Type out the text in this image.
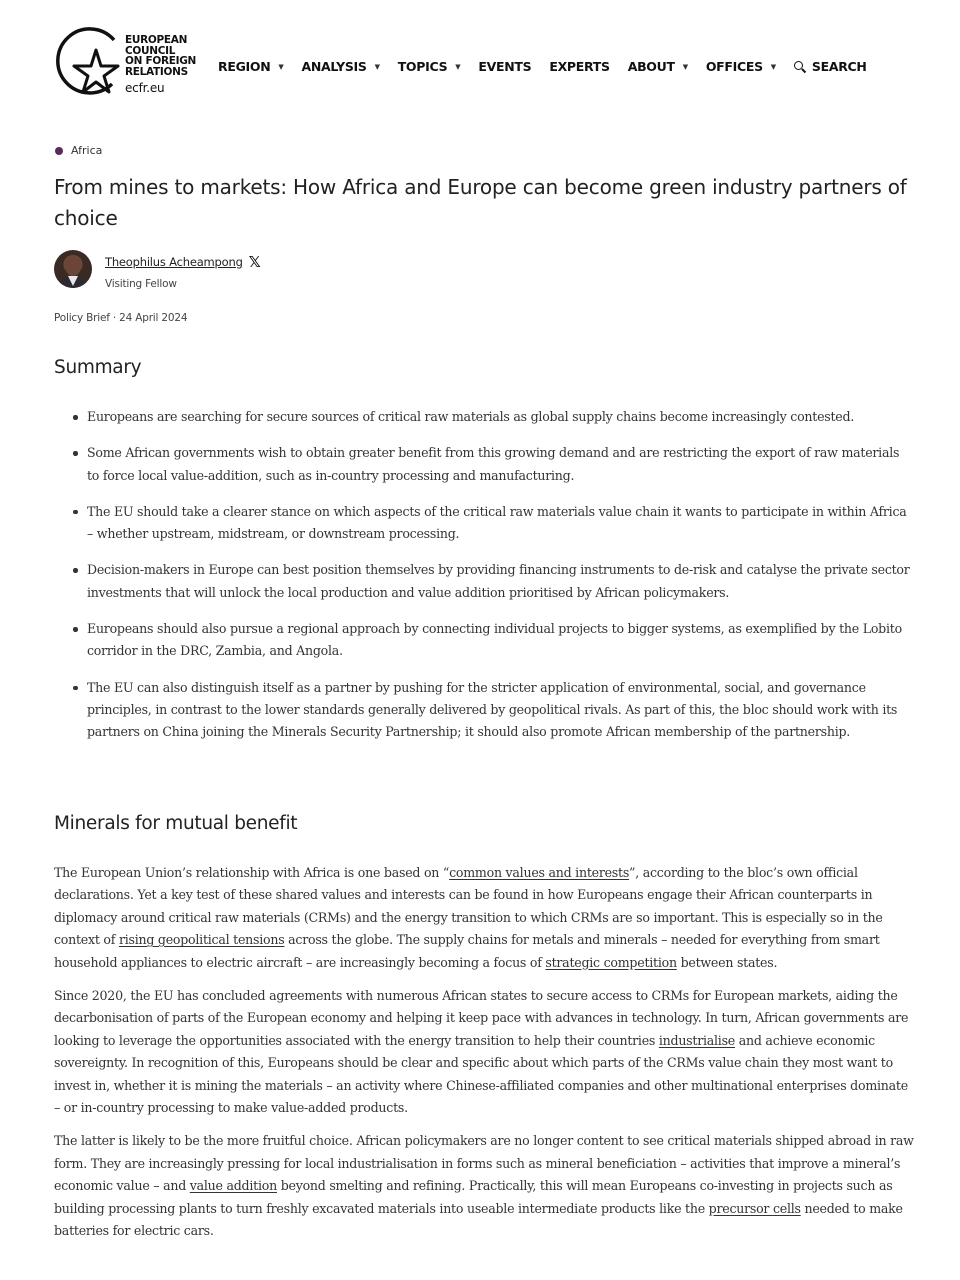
EUROPEAN
COUNCIL
ON FOREIGN
RELATIONS
ecfr.eu
REGION ▼ ANALYSIS ▼ TOPICS ▼ EVENTS EXPERTS ABOUT ▼ OFFICES ▼	SEARCH
Africa
From mines to markets: How Africa and Europe can become green industry partners of choice
Theophilus Acheampong 𝕏
Visiting Fellow
Policy Brief · 24 April 2024
Summary
Europeans are searching for secure sources of critical raw materials as global supply chains become increasingly contested.
Some African governments wish to obtain greater benefit from this growing demand and are restricting the export of raw materials to force local value-addition, such as in-country processing and manufacturing.
The EU should take a clearer stance on which aspects of the critical raw materials value chain it wants to participate in within Africa – whether upstream, midstream, or downstream processing.
Decision-makers in Europe can best position themselves by providing financing instruments to de-risk and catalyse the private sector investments that will unlock the local production and value addition prioritised by African policymakers.
Europeans should also pursue a regional approach by connecting individual projects to bigger systems, as exemplified by the Lobito corridor in the DRC, Zambia, and Angola.
The EU can also distinguish itself as a partner by pushing for the stricter application of environmental, social, and governance principles, in contrast to the lower standards generally delivered by geopolitical rivals. As part of this, the bloc should work with its partners on China joining the Minerals Security Partnership; it should also promote African membership of the partnership.
Minerals for mutual benefit

The European Union’s relationship with Africa is one based on “common values and interests”, according to the bloc’s own official declarations. Yet a key test of these shared values and interests can be found in how Europeans engage their African counterparts in diplomacy around critical raw materials (CRMs) and the energy transition to which CRMs are so important. This is especially so in the context of rising geopolitical tensions across the globe. The supply chains for metals and minerals – needed for everything from smart household appliances to electric aircraft – are increasingly becoming a focus of strategic competition between states.

Since 2020, the EU has concluded agreements with numerous African states to secure access to CRMs for European markets, aiding the decarbonisation of parts of the European economy and helping it keep pace with advances in technology. In turn, African governments are looking to leverage the opportunities associated with the energy transition to help their countries industrialise and achieve economic sovereignty. In recognition of this, Europeans should be clear and specific about which parts of the CRMs value chain they most want to invest in, whether it is mining the materials – an activity where Chinese-affiliated companies and other multinational enterprises dominate – or in-country processing to make value-added products.

The latter is likely to be the more fruitful choice. African policymakers are no longer content to see critical materials shipped abroad in raw form. They are increasingly pressing for local industrialisation in forms such as mineral beneficiation – activities that improve a mineral’s economic value – and value addition beyond smelting and refining. Practically, this will mean Europeans co-investing in projects such as building processing plants to turn freshly excavated materials into useable intermediate products like the precursor cells needed to make batteries for electric cars.
